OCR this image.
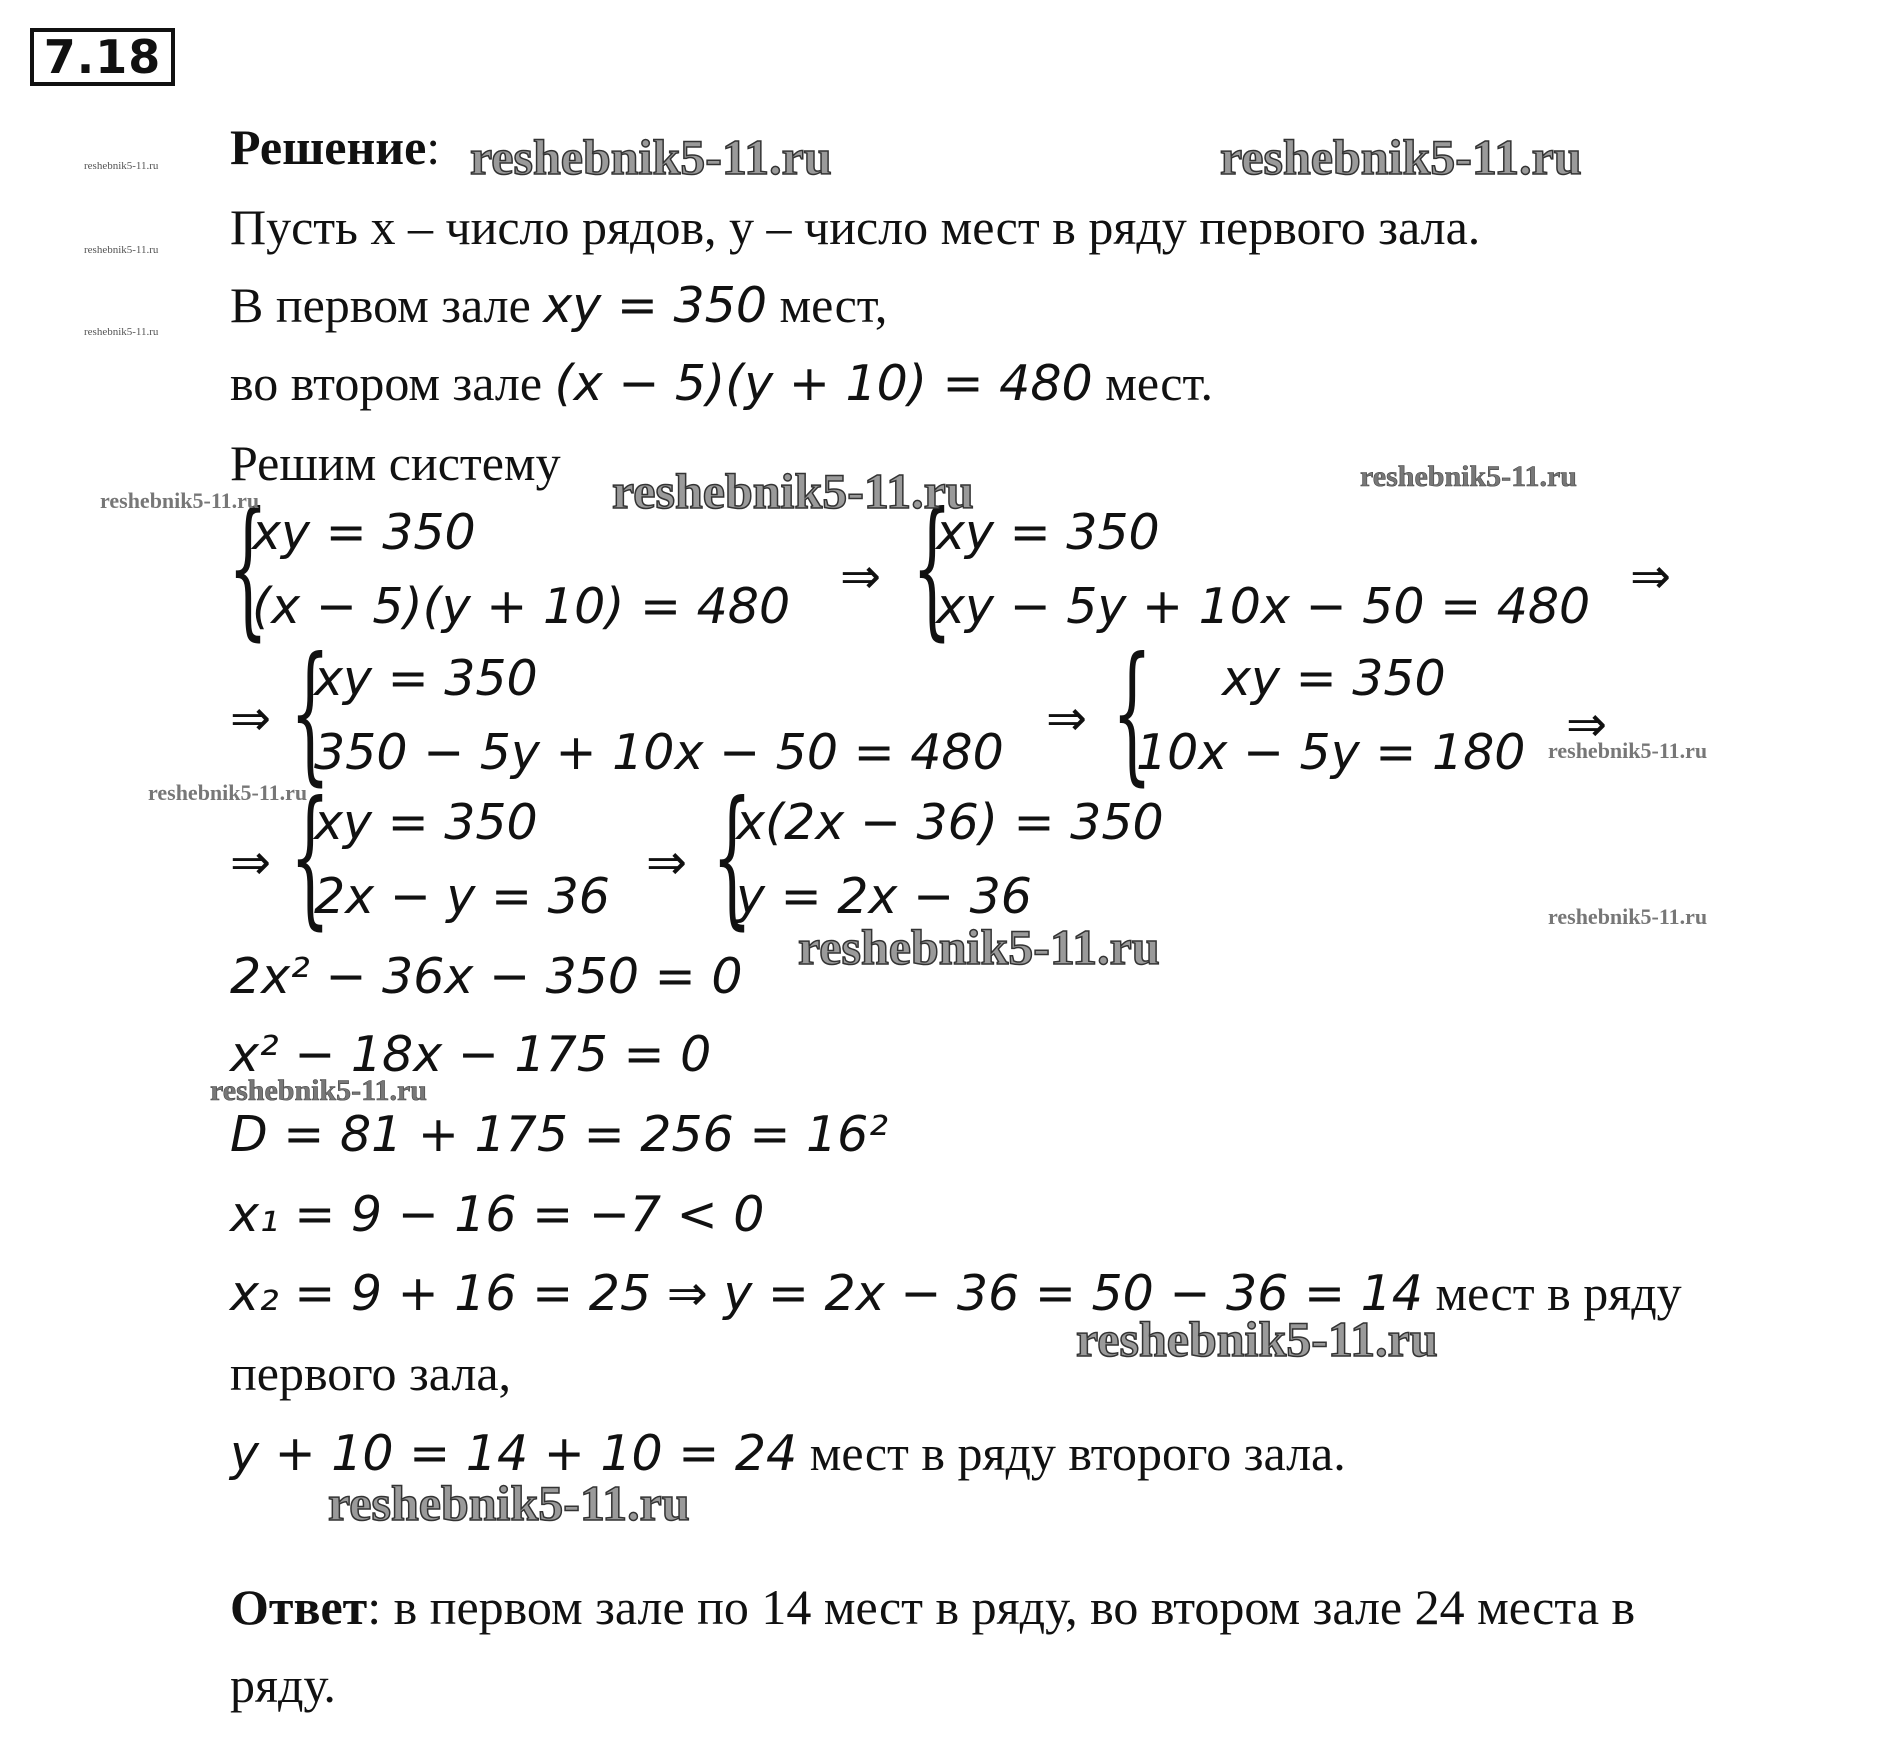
7.18
Решение:
Пусть x – число рядов, y – число мест в ряду первого зала.
В первом зале xy = 350 мест,
во втором зале (x − 5)(y + 10) = 480 мест.
Решим систему
{
xy = 350
(x − 5)(y + 10) = 480
⇒ {
xy = 350
xy − 5y + 10x − 50 = 480
⇒
⇒ {
xy = 350
350 − 5y + 10x − 50 = 480
⇒ { xy = 350
10x − 5y = 180 ⇒
⇒ {
xy = 350
2x − y = 36
⇒ {
x(2x − 36) = 350
y = 2x − 36
2x² − 36x − 350 = 0
x² − 18x − 175 = 0
D = 81 + 175 = 256 = 16²
x₁ = 9 − 16 = −7 < 0
x₂ = 9 + 16 = 25 ⇒ y = 2x − 36 = 50 − 36 = 14 мест в ряду
первого зала,
y + 10 = 14 + 10 = 24 мест в ряду второго зала.
Ответ: в первом зале по 14 мест в ряду, во втором зале 24 места в
ряду.
reshebnik5-11.ru	reshebnik5-11.ru
reshebnik5-11.ru
reshebnik5-11.ru
reshebnik5-11.ru
reshebnik5-11.ru
reshebnik5-11.ru
reshebnik5-11.ru
reshebnik5-11.ru
reshebnik5-11.ru
reshebnik5-11.ru
reshebnik5-11.ru
reshebnik5-11.ru
reshebnik5-11.ru
reshebnik5-11.ru
